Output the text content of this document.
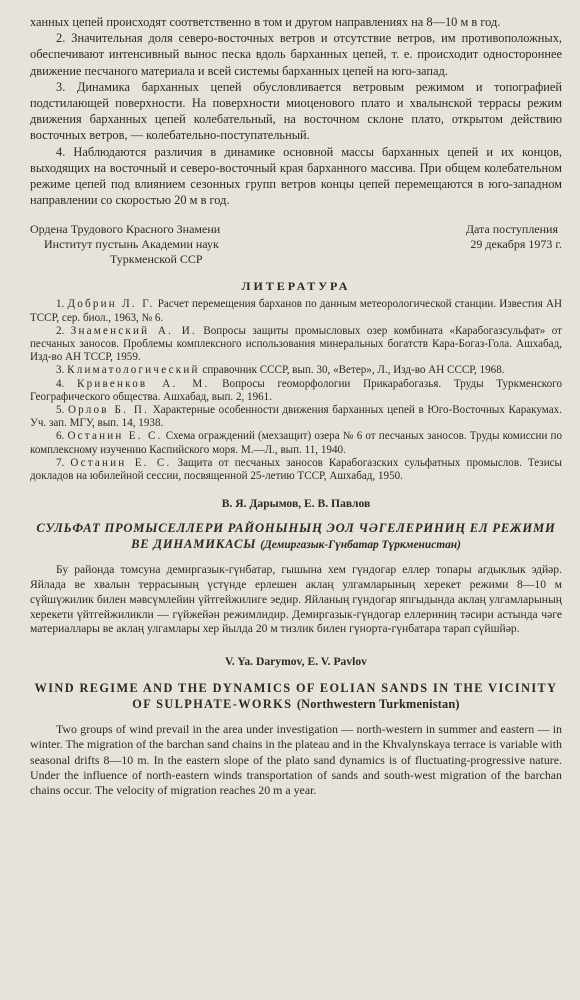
ханных цепей происходят соответственно в том и другом направлениях на 8—10 м в год.

2. Значительная доля северо-восточных ветров и отсутствие ветров, им противоположных, обеспечивают интенсивный вынос песка вдоль барханных цепей, т. е. происходит одностороннее движение песчаного материала и всей системы барханных цепей на юго-запад.

3. Динамика барханных цепей обусловливается ветровым режимом и топографией подстилающей поверхности. На поверхности миоценового плато и хвалынской террасы режим движения барханных цепей колебательный, на восточном склоне плато, открытом действию восточных ветров, — колебательно-поступательный.

4. Наблюдаются различия в динамике основной массы барханных цепей и их концов, выходящих на восточный и северо-восточный края барханного массива. При общем колебательном режиме цепей под влиянием сезонных групп ветров концы цепей перемещаются в юго-западном направлении со скоростью 20 м в год.

Ордена Трудового Красного Знамени
Институт пустынь Академии наук
Туркменской ССР
Дата поступления
29 декабря 1973 г.
ЛИТЕРАТУРА

1. Добрин Л. Г. Расчет перемещения барханов по данным метеорологической станции. Известия АН ТССР, сер. биол., 1963, № 6.

2. Знаменский А. И. Вопросы защиты промысловых озер комбината «Карабогазсульфат» от песчаных заносов. Проблемы комплексного использования минеральных богатств Кара-Богаз-Гола. Ашхабад, Изд-во АН ТССР, 1959.

3. Климатологический справочник СССР, вып. 30, «Ветер», Л., Изд-во АН СССР, 1968.

4. Кривенков А. М. Вопросы геоморфологии Прикарабогазья. Труды Туркменского Географического общества. Ашхабад, вып. 2, 1961.

5. Орлов Б. П. Характерные особенности движения барханных цепей в Юго-Восточных Каракумах. Уч. зап. МГУ, вып. 14, 1938.

6. Останин Е. С. Схема ограждений (мехзащит) озера № 6 от песчаных заносов. Труды комиссии по комплексному изучению Каспийского моря. М.—Л., вып. 11, 1940.

7. Останин Е. С. Защита от песчаных заносов Карабогазских сульфатных промыслов. Тезисы докладов на юбилейной сессии, посвященной 25-летию ТССР, Ашхабад, 1950.

В. Я. Дарымов, Е. В. Павлов
СУЛЬФАТ ПРОМЫСЕЛЛЕРИ РАЙОНЫНЫҢ ЭОЛ ЧӘГЕЛЕРИНИҢ ЕЛ РЕЖИМИ ВЕ ДИНАМИКАСЫ (Демиргазык-Гүнбатар Түркменистан)

Бу районда томсуна демиргазык-гүнбатар, гышына хем гүндогар еллер топары агдыклык эдйәр. Яйлада ве хвалын террасының үстүнде ерлешен аклаң улгамларының херекет режими 8—10 м сүйшүжилик билен мәвсүмлейин үйтгейжилиге эедир. Яйланың гүндогар япгыдында аклаң улгамларының херекети үйтгейжиликли — гүйжейән режимлидир. Демиргазык-гүндогар еллериниң тәсири астында чәге материаллары ве аклаң улгамлары хер йылда 20 м тизлик билен гүнорта-гүнбатара тарап сүйшйәр.

V. Ya. Darymov, E. V. Pavlov
WIND REGIME AND THE DYNAMICS OF EOLIAN SANDS IN THE VICINITY OF SULPHATE-WORKS (Northwestern Turkmenistan)

Two groups of wind prevail in the area under investigation — north-western in summer and eastern — in winter. The migration of the barchan sand chains in the plateau and in the Khvalynskaya terrace is variable with seasonal drifts 8—10 m. In the eastern slope of the plato sand dynamics is of fluctuating-progressive nature. Under the influence of north-eastern winds transportation of sands and south-west migration of the barchan chains occur. The velocity of migration reaches 20 m a year.
